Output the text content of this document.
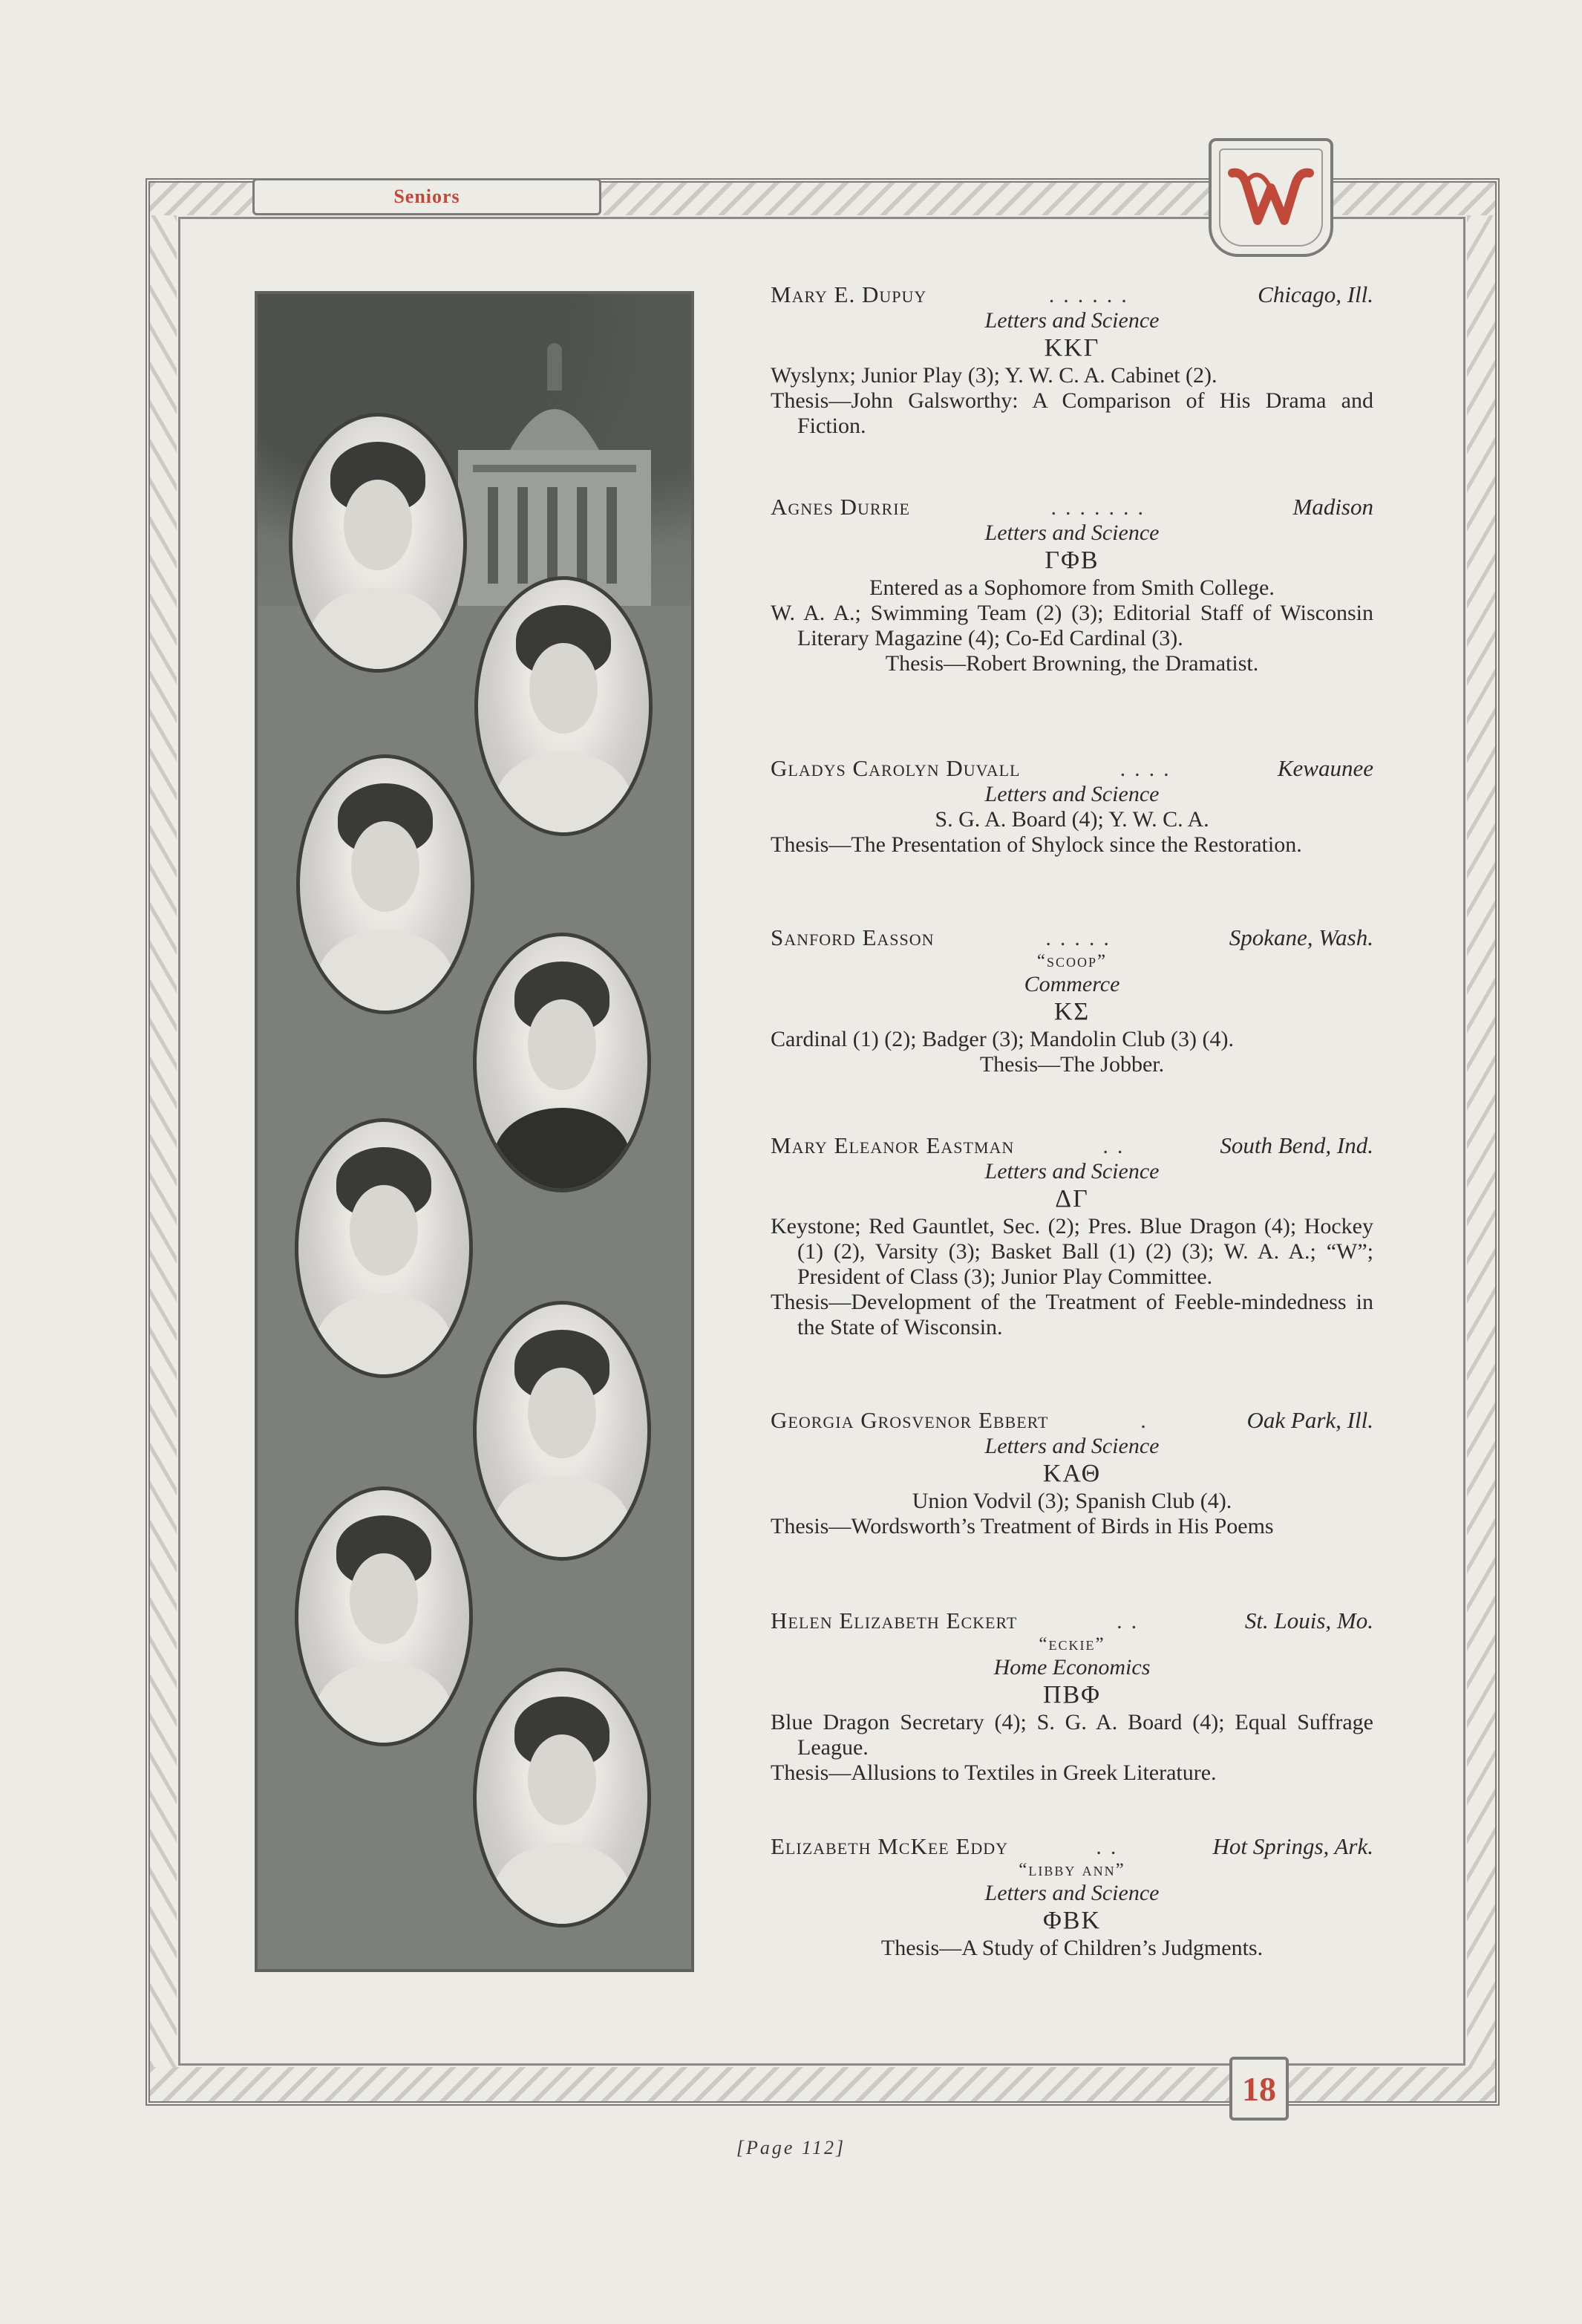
Seniors
18
Mary E. Dupuy	......	Chicago, Ill.
Letters and Science
ΚΚΓ
Wyslynx; Junior Play (3); Y. W. C. A. Cabinet (2).
Thesis—John Galsworthy: A Comparison of His Drama and Fiction.
Agnes Durrie	.......	Madison
Letters and Science
ΓΦΒ
Entered as a Sophomore from Smith College.
W. A. A.; Swimming Team (2) (3); Editorial Staff of Wisconsin Literary Magazine (4); Co-Ed Cardinal (3).
Thesis—Robert Browning, the Dramatist.
Gladys Carolyn Duvall	....	Kewaunee
Letters and Science
S. G. A. Board (4); Y. W. C. A.
Thesis—The Presentation of Shylock since the Restoration.
Sanford Easson	.....	Spokane, Wash.
“scoop”
Commerce
ΚΣ
Cardinal (1) (2); Badger (3); Mandolin Club (3) (4).
Thesis—The Jobber.
Mary Eleanor Eastman	..	South Bend, Ind.
Letters and Science
ΔΓ
Keystone; Red Gauntlet, Sec. (2); Pres. Blue Dragon (4); Hockey (1) (2), Varsity (3); Basket Ball (1) (2) (3); W. A. A.; “W”; President of Class (3); Junior Play Committee.
Thesis—Development of the Treatment of Feeble-mindedness in the State of Wisconsin.
Georgia Grosvenor Ebbert	.	Oak Park, Ill.
Letters and Science
ΚΑΘ
Union Vodvil (3); Spanish Club (4).
Thesis—Wordsworth’s Treatment of Birds in His Poems
Helen Elizabeth Eckert	..	St. Louis, Mo.
“eckie”
Home Economics
ΠΒΦ
Blue Dragon Secretary (4); S. G. A. Board (4); Equal Suffrage League.
Thesis—Allusions to Textiles in Greek Literature.
Elizabeth McKee Eddy	..	Hot Springs, Ark.
“libby ann”
Letters and Science
ΦΒΚ
Thesis—A Study of Children’s Judgments.
[Page 112]
